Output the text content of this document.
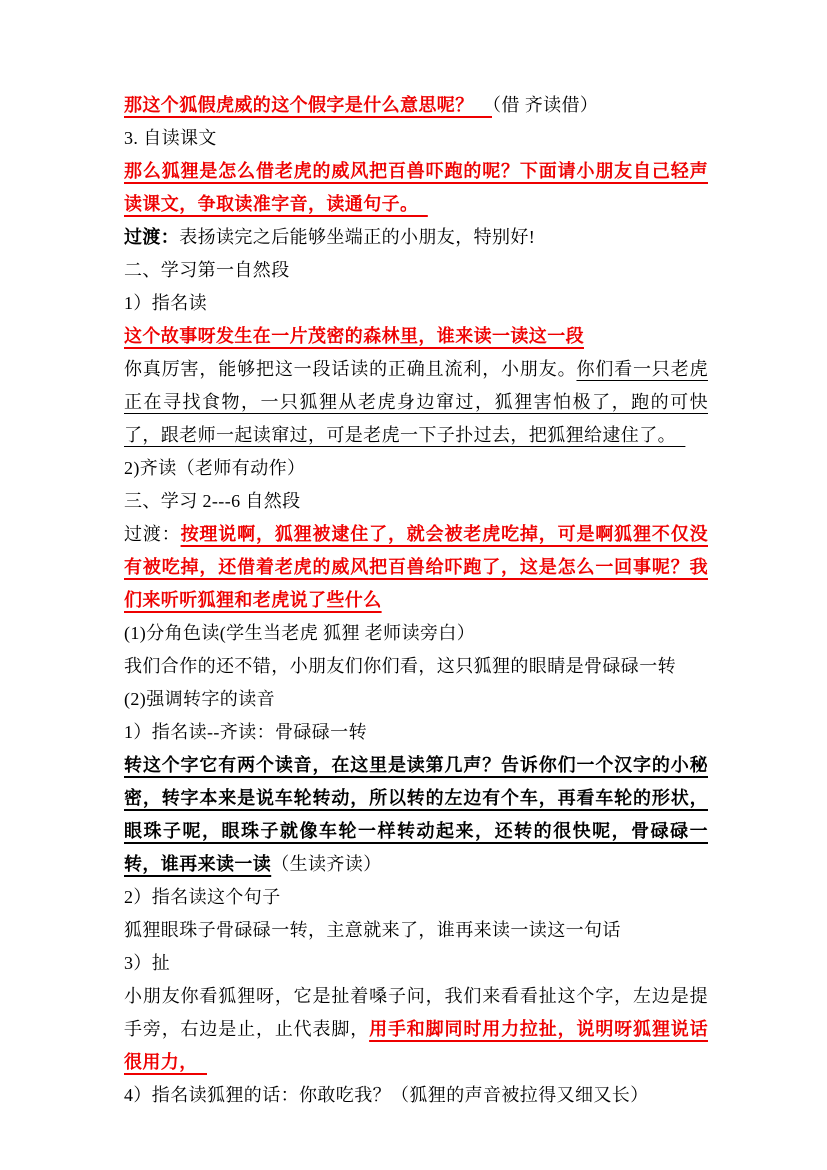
那这个狐假虎威的这个假字是什么意思呢？　（借 齐读借）

3. 自读课文

那么狐狸是怎么借老虎的威风把百兽吓跑的呢？下面请小朋友自己轻声读课文，争取读准字音，读通句子。　

过渡：表扬读完之后能够坐端正的小朋友，特别好!

二、学习第一自然段

1）指名读

这个故事呀发生在一片茂密的森林里，谁来读一读这一段

你真厉害，能够把这一段话读的正确且流利，小朋友。你们看一只老虎正在寻找食物，一只狐狸从老虎身边窜过，狐狸害怕极了，跑的可快了，跟老师一起读窜过，可是老虎一下子扑过去，把狐狸给逮住了。　

2)齐读（老师有动作）

三、学习 2---6 自然段

过渡：按理说啊，狐狸被逮住了，就会被老虎吃掉，可是啊狐狸不仅没有被吃掉，还借着老虎的威风把百兽给吓跑了，这是怎么一回事呢？我们来听听狐狸和老虎说了些什么

(1)分角色读(学生当老虎 狐狸 老师读旁白）

我们合作的还不错，小朋友们你们看，这只狐狸的眼睛是骨碌碌一转

(2)强调转字的读音

1）指名读--齐读：骨碌碌一转

转这个字它有两个读音，在这里是读第几声？告诉你们一个汉字的小秘密，转字本来是说车轮转动，所以转的左边有个车，再看车轮的形状，眼珠子呢，眼珠子就像车轮一样转动起来，还转的很快呢，骨碌碌一转，谁再来读一读（生读齐读）

2）指名读这个句子

狐狸眼珠子骨碌碌一转，主意就来了，谁再来读一读这一句话

3）扯

小朋友你看狐狸呀，它是扯着嗓子问，我们来看看扯这个字，左边是提手旁，右边是止，止代表脚，用手和脚同时用力拉扯，说明呀狐狸说话很用力，　

4）指名读狐狸的话：你敢吃我？（狐狸的声音被拉得又细又长）
